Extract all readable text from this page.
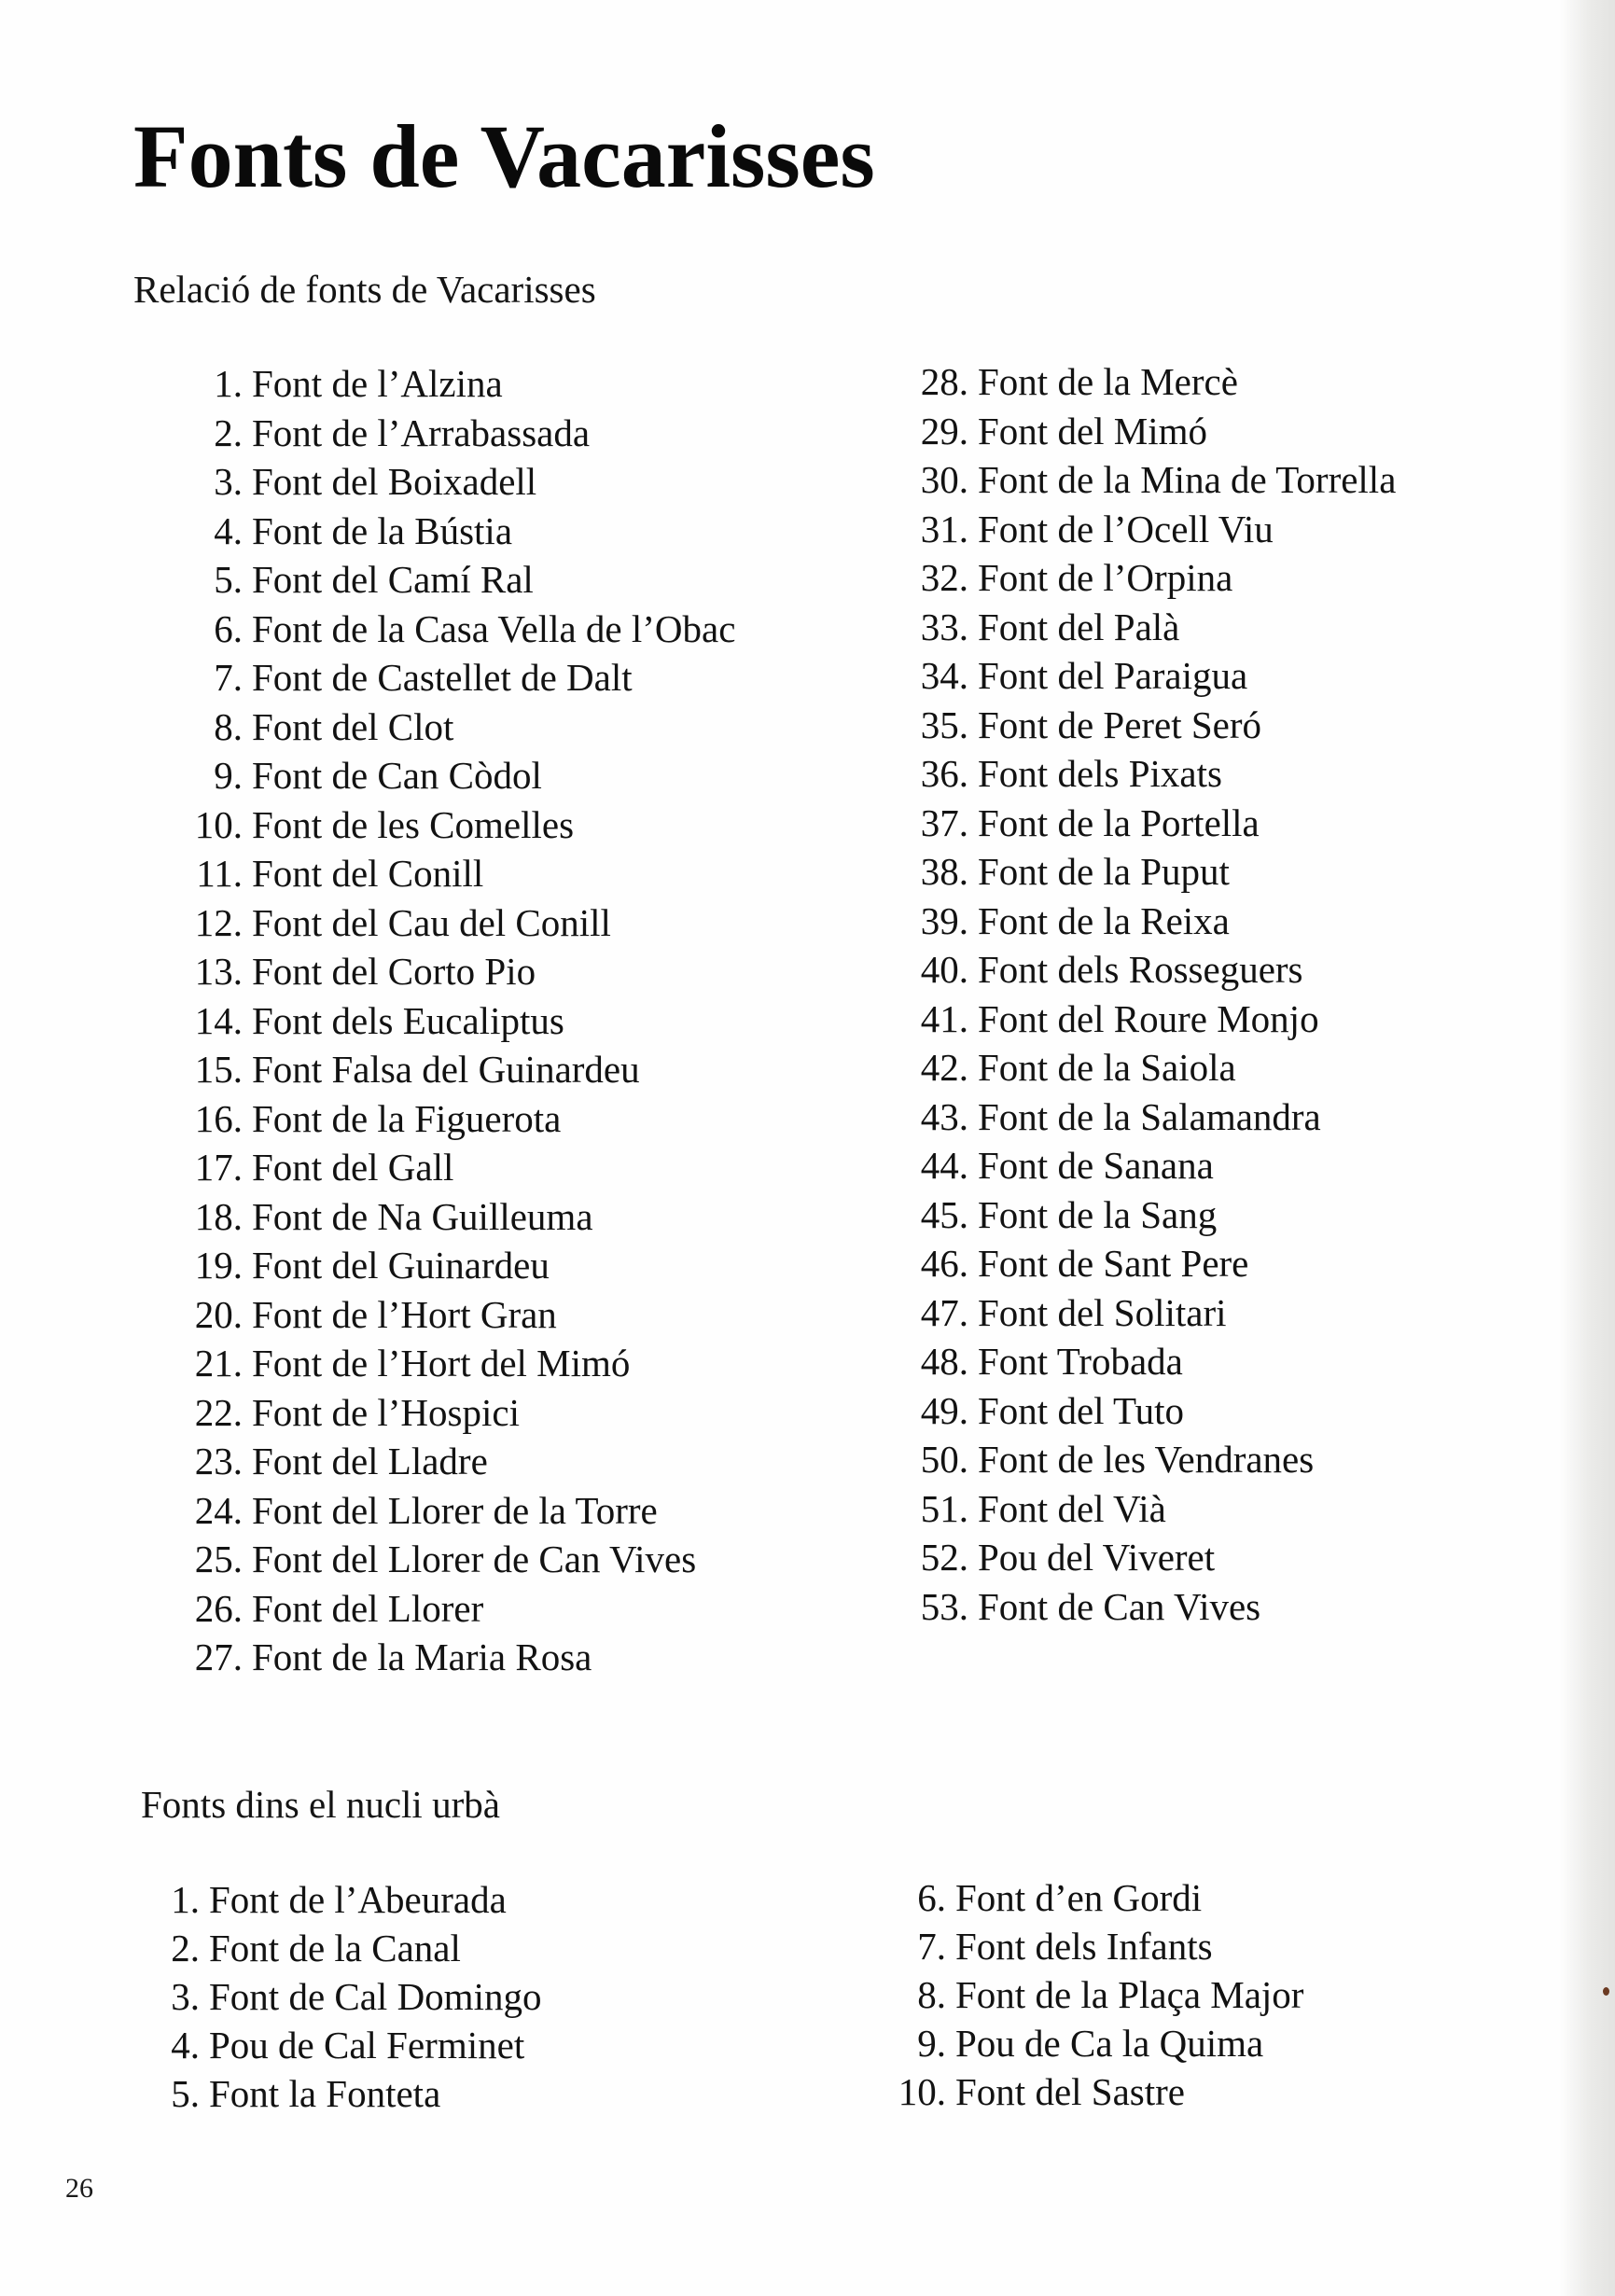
Fonts de Vacarisses
Relació de fonts de Vacarisses
1. Font de l’Alzina
2. Font de l’Arrabassada
3. Font del Boixadell
4. Font de la Bústia
5. Font del Camí Ral
6. Font de la Casa Vella de l’Obac
7. Font de Castellet de Dalt
8. Font del Clot
9. Font de Can Còdol
10. Font de les Comelles
11. Font del Conill
12. Font del Cau del Conill
13. Font del Corto Pio
14. Font dels Eucaliptus
15. Font Falsa del Guinardeu
16. Font de la Figuerota
17. Font del Gall
18. Font de Na Guilleuma
19. Font del Guinardeu
20. Font de l’Hort Gran
21. Font de l’Hort del Mimó
22. Font de l’Hospici
23. Font del Lladre
24. Font del Llorer de la Torre
25. Font del Llorer de Can Vives
26. Font del Llorer
27. Font de la Maria Rosa
28. Font de la Mercè
29. Font del Mimó
30. Font de la Mina de Torrella
31. Font de l’Ocell Viu
32. Font de l’Orpina
33. Font del Palà
34. Font del Paraigua
35. Font de Peret Seró
36. Font dels Pixats
37. Font de la Portella
38. Font de la Puput
39. Font de la Reixa
40. Font dels Rosseguers
41. Font del Roure Monjo
42. Font de la Saiola
43. Font de la Salamandra
44. Font de Sanana
45. Font de la Sang
46. Font de Sant Pere
47. Font del Solitari
48. Font Trobada
49. Font del Tuto
50. Font de les Vendranes
51. Font del Vià
52. Pou del Viveret
53. Font de Can Vives
Fonts dins el nucli urbà
1. Font de l’Abeurada
2. Font de la Canal
3. Font de Cal Domingo
4. Pou de Cal Ferminet
5. Font la Fonteta
6. Font d’en Gordi
7. Font dels Infants
8. Font de la Plaça Major
9. Pou de Ca la Quima
10. Font del Sastre
26
